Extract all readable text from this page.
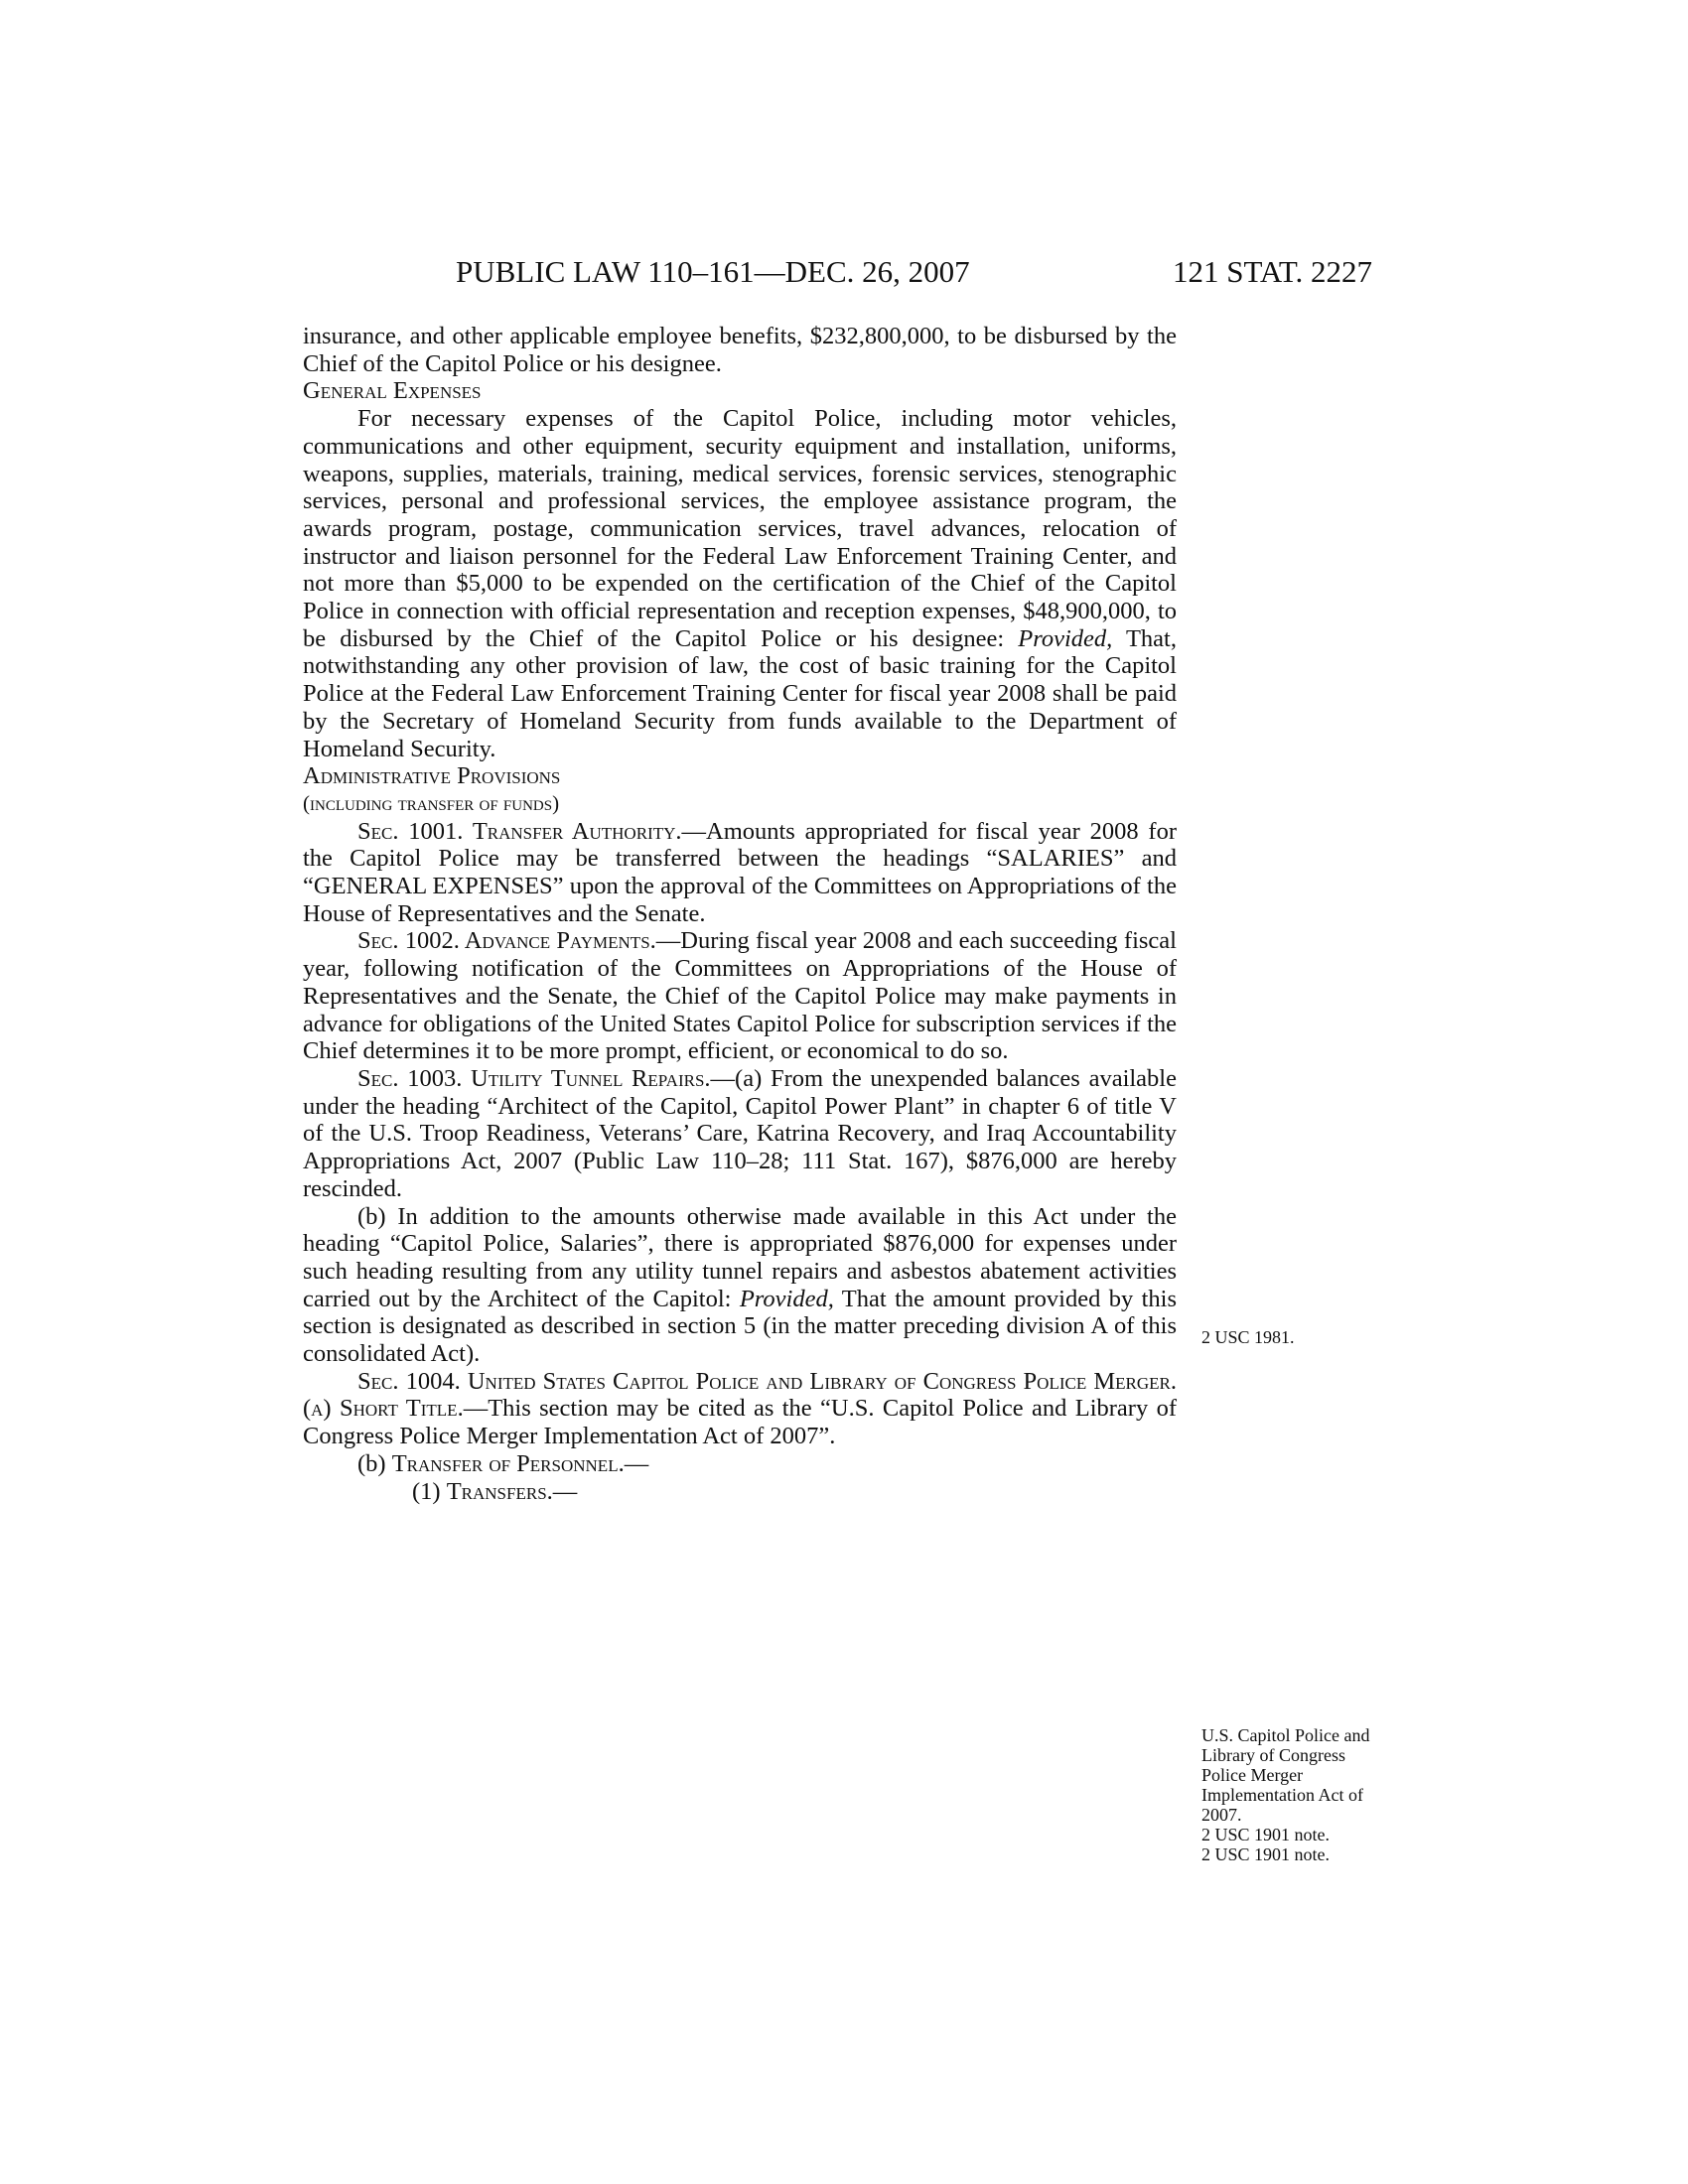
PUBLIC LAW 110–161—DEC. 26, 2007	121 STAT. 2227

insurance, and other applicable employee benefits, $232,800,000, to be disbursed by the Chief of the Capitol Police or his designee.

General Expenses

For necessary expenses of the Capitol Police, including motor vehicles, communications and other equipment, security equipment and installation, uniforms, weapons, supplies, materials, training, medical services, forensic services, stenographic services, personal and professional services, the employee assistance program, the awards program, postage, communication services, travel advances, relocation of instructor and liaison personnel for the Federal Law Enforcement Training Center, and not more than $5,000 to be expended on the certification of the Chief of the Capitol Police in connection with official representation and reception expenses, $48,900,000, to be disbursed by the Chief of the Capitol Police or his designee: Provided, That, notwithstanding any other provision of law, the cost of basic training for the Capitol Police at the Federal Law Enforcement Training Center for fiscal year 2008 shall be paid by the Secretary of Homeland Security from funds available to the Department of Homeland Security.

Administrative Provisions

(including transfer of funds)

Sec. 1001. Transfer Authority.—Amounts appropriated for fiscal year 2008 for the Capitol Police may be transferred between the headings “SALARIES” and “GENERAL EXPENSES” upon the approval of the Committees on Appropriations of the House of Representatives and the Senate.

Sec. 1002. Advance Payments.—During fiscal year 2008 and each succeeding fiscal year, following notification of the Committees on Appropriations of the House of Representatives and the Senate, the Chief of the Capitol Police may make payments in advance for obligations of the United States Capitol Police for subscription services if the Chief determines it to be more prompt, efficient, or economical to do so.

Sec. 1003. Utility Tunnel Repairs.—(a) From the unexpended balances available under the heading “Architect of the Capitol, Capitol Power Plant” in chapter 6 of title V of the U.S. Troop Readiness, Veterans’ Care, Katrina Recovery, and Iraq Accountability Appropriations Act, 2007 (Public Law 110–28; 111 Stat. 167), $876,000 are hereby rescinded.

(b) In addition to the amounts otherwise made available in this Act under the heading “Capitol Police, Salaries”, there is appropriated $876,000 for expenses under such heading resulting from any utility tunnel repairs and asbestos abatement activities carried out by the Architect of the Capitol: Provided, That the amount provided by this section is designated as described in section 5 (in the matter preceding division A of this consolidated Act).

Sec. 1004. United States Capitol Police and Library of Congress Police Merger. (a) Short Title.—This section may be cited as the “U.S. Capitol Police and Library of Congress Police Merger Implementation Act of 2007”.

(b) Transfer of Personnel.—

(1) Transfers.—

2 USC 1981.
U.S. Capitol Police and Library of Congress Police Merger Implementation Act of 2007.
2 USC 1901 note.
2 USC 1901 note.
